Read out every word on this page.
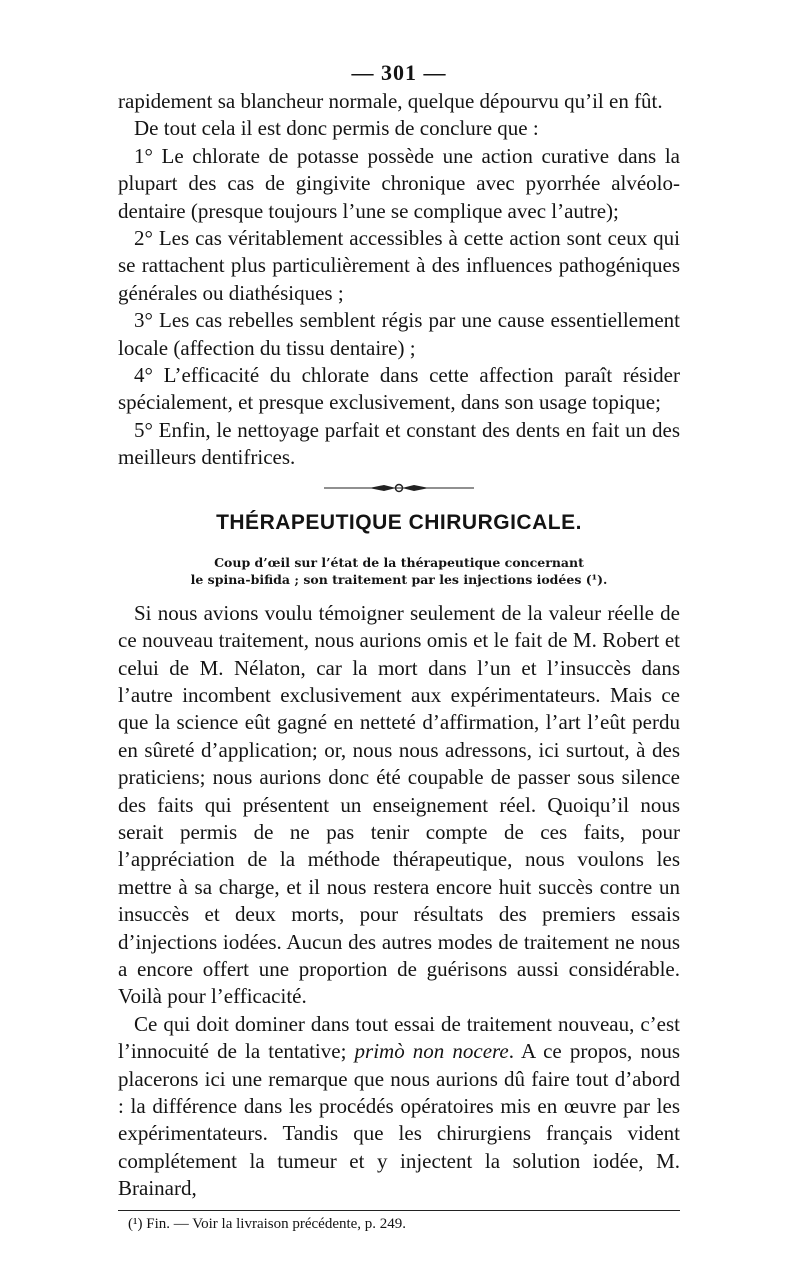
— 301 —

rapidement sa blancheur normale, quelque dépourvu qu’il en fût.

De tout cela il est donc permis de conclure que :

1° Le chlorate de potasse possède une action curative dans la plupart des cas de gingivite chronique avec pyorrhée alvéolo-dentaire (presque toujours l’une se complique avec l’autre);

2° Les cas véritablement accessibles à cette action sont ceux qui se rattachent plus particulièrement à des influences pathogéniques générales ou diathésiques ;

3° Les cas rebelles semblent régis par une cause essentiellement locale (affection du tissu dentaire) ;

4° L’efficacité du chlorate dans cette affection paraît résider spécialement, et presque exclusivement, dans son usage topique;

5° Enfin, le nettoyage parfait et constant des dents en fait un des meilleurs dentifrices.

THÉRAPEUTIQUE CHIRURGICALE.
Coup d’œil sur l’état de la thérapeutique concernant
le spina-bifida ; son traitement par les injections iodées (¹).

Si nous avions voulu témoigner seulement de la valeur réelle de ce nouveau traitement, nous aurions omis et le fait de M. Robert et celui de M. Nélaton, car la mort dans l’un et l’insuccès dans l’autre incombent exclusivement aux expérimentateurs. Mais ce que la science eût gagné en netteté d’affirmation, l’art l’eût perdu en sûreté d’application; or, nous nous adressons, ici surtout, à des praticiens; nous aurions donc été coupable de passer sous silence des faits qui présentent un enseignement réel. Quoiqu’il nous serait permis de ne pas tenir compte de ces faits, pour l’appréciation de la méthode thérapeutique, nous voulons les mettre à sa charge, et il nous restera encore huit succès contre un insuccès et deux morts, pour résultats des premiers essais d’injections iodées. Aucun des autres modes de traitement ne nous a encore offert une proportion de guérisons aussi considérable. Voilà pour l’efficacité.

Ce qui doit dominer dans tout essai de traitement nouveau, c’est l’innocuité de la tentative; primò non nocere. A ce propos, nous placerons ici une remarque que nous aurions dû faire tout d’abord : la différence dans les procédés opératoires mis en œuvre par les expérimentateurs. Tandis que les chirurgiens français vident complétement la tumeur et y injectent la solution iodée, M. Brainard,

(¹) Fin. — Voir la livraison précédente, p. 249.
